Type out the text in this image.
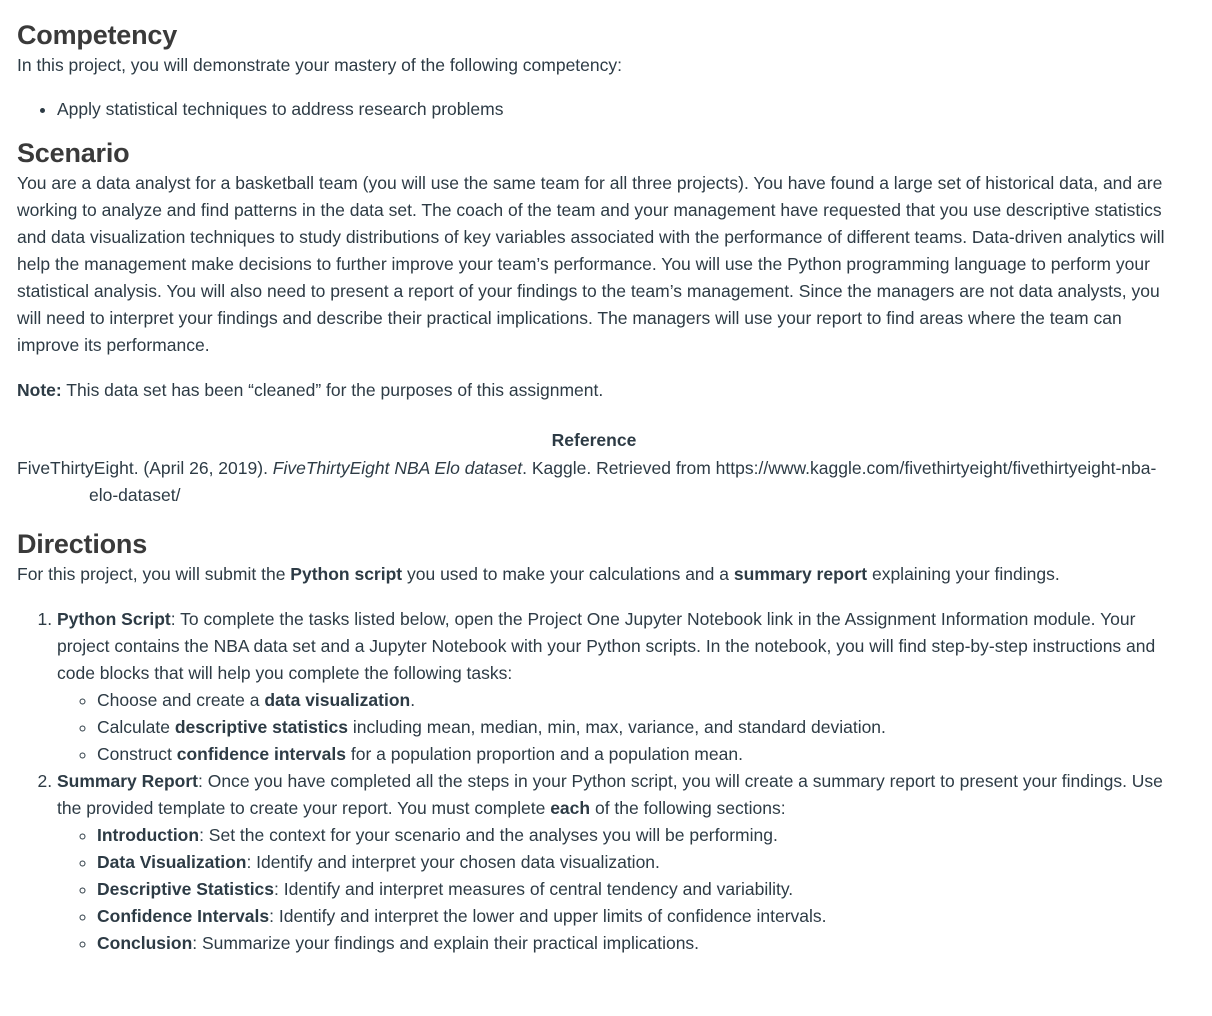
Competency

In this project, you will demonstrate your mastery of the following competency:

• Apply statistical techniques to address research problems
Scenario

You are a data analyst for a basketball team (you will use the same team for all three projects). You have found a large set of historical data, and are working to analyze and find patterns in the data set. The coach of the team and your management have requested that you use descriptive statistics and data visualization techniques to study distributions of key variables associated with the performance of different teams. Data-driven analytics will help the management make decisions to further improve your team’s performance. You will use the Python programming language to perform your statistical analysis. You will also need to present a report of your findings to the team’s management. Since the managers are not data analysts, you will need to interpret your findings and describe their practical implications. The managers will use your report to find areas where the team can improve its performance.

Note: This data set has been “cleaned” for the purposes of this assignment.

Reference

FiveThirtyEight. (April 26, 2019). FiveThirtyEight NBA Elo dataset. Kaggle. Retrieved from https://www.kaggle.com/fivethirtyeight/fivethirtyeight-nba-elo-dataset/

Directions

For this project, you will submit the Python script you used to make your calculations and a summary report explaining your findings.

1. Python Script: To complete the tasks listed below, open the Project One Jupyter Notebook link in the Assignment Information module. Your project contains the NBA data set and a Jupyter Notebook with your Python scripts. In the notebook, you will find step-by-step instructions and code blocks that will help you complete the following tasks:
◦ Choose and create a data visualization.
◦ Calculate descriptive statistics including mean, median, min, max, variance, and standard deviation.
◦ Construct confidence intervals for a population proportion and a population mean.
2. Summary Report: Once you have completed all the steps in your Python script, you will create a summary report to present your findings. Use the provided template to create your report. You must complete each of the following sections:
◦ Introduction: Set the context for your scenario and the analyses you will be performing.
◦ Data Visualization: Identify and interpret your chosen data visualization.
◦ Descriptive Statistics: Identify and interpret measures of central tendency and variability.
◦ Confidence Intervals: Identify and interpret the lower and upper limits of confidence intervals.
◦ Conclusion: Summarize your findings and explain their practical implications.
